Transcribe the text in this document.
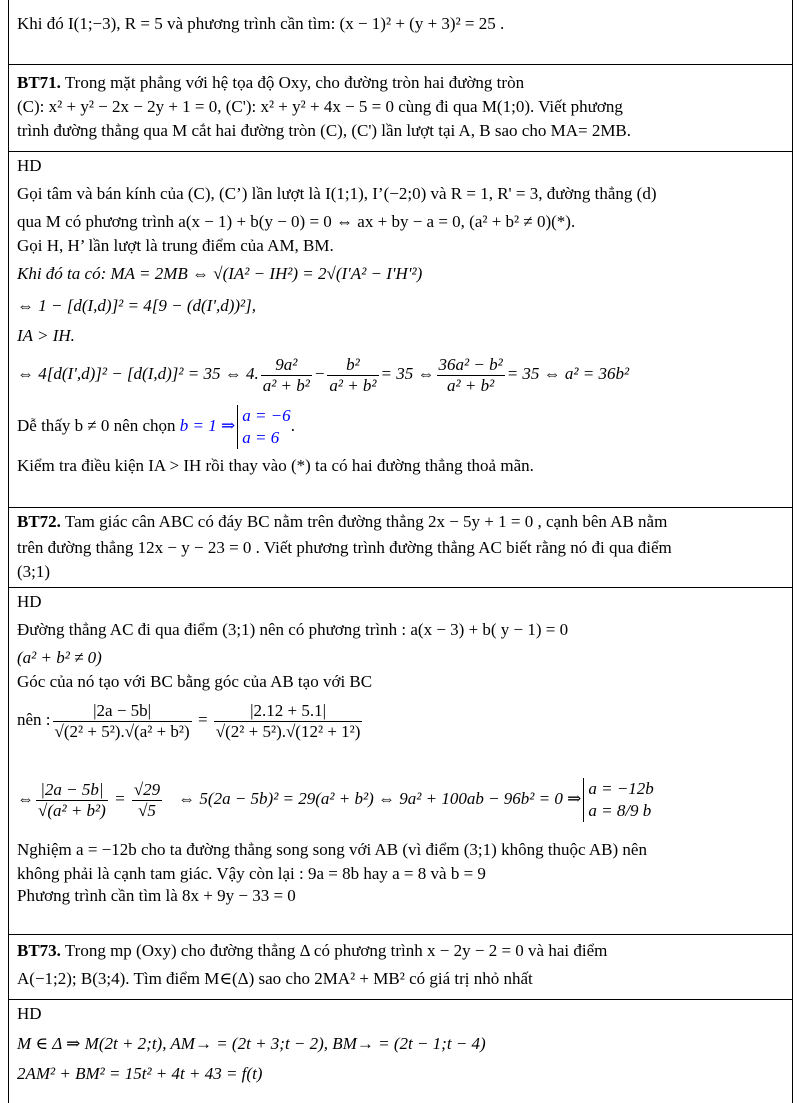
Khi đó I(1;−3), R = 5 và phương trình cần tìm: (x − 1)² + (y + 3)² = 25 .
BT71. Trong mặt phẳng với hệ tọa độ Oxy, cho đường tròn hai đường tròn
(C): x² + y² − 2x − 2y + 1 = 0, (C'): x² + y² + 4x − 5 = 0 cùng đi qua M(1;0). Viết phương
trình đường thẳng qua M cắt hai đường tròn (C), (C') lần lượt tại A, B sao cho MA= 2MB.
HD
Gọi tâm và bán kính của (C), (C’) lần lượt là I(1;1), I’(−2;0) và R = 1, R' = 3, đường thẳng (d)
qua M có phương trình a(x − 1) + b(y − 0) = 0 ⇔ ax + by − a = 0, (a² + b² ≠ 0)(*).
Gọi H, H’ lần lượt là trung điểm của AM, BM.
Khi đó ta có: MA = 2MB ⇔ √(IA² − IH²) = 2√(I'A² − I'H'²)
⇔ 1 − [d(I,d)]² = 4[9 − (d(I',d))²],
IA > IH.
⇔ 4[d(I',d)]² − [d(I,d)]² = 35 ⇔ 4. $\frac{\text{9a²}}{\text{a² + b²}} - \frac{\text{b²}}{\text{a² + b²}} = 35$ ⇔ $\frac{\text{36a² − b²}}{\text{a² + b²}} = 35$ ⇔ a² = 36b²
Dễ thấy b ≠ 0 nên chọn b = 1 ⇒
a = −6
a = 6
.
Kiểm tra điều kiện IA > IH rồi thay vào (*) ta có hai đường thẳng thoả mãn.
BT72. Tam giác cân ABC có đáy BC nằm trên đường thẳng 2x − 5y + 1 = 0 , cạnh bên AB nằm
trên đường thẳng 12x − y − 23 = 0 . Viết phương trình đường thẳng AC biết rằng nó đi qua điểm
(3;1)
HD
Đường thẳng AC đi qua điểm (3;1) nên có phương trình : a(x − 3) + b( y − 1) = 0
(a² + b² ≠ 0)
Góc của nó tạo với BC bằng góc của AB tạo với BC
nên : $\frac{|2a - 5b|}{\text{√(2² + 5²).√(a² + b²)}} = \frac{|2.12 + 5.1|}{\text{√(2² + 5²).√(12² + 1²)}}$
⇔ $\frac{|2a - 5b|}{\text{√(a² + b²)}} = \frac{√29}{√5}$ ⇔ 5(2a − 5b)² = 29(a² + b²) ⇔ 9a² + 100ab − 96b² = 0 ⇒
a = −12b
a = 8/9 b
Nghiệm a = −12b cho ta đường thẳng song song với AB (vì điểm (3;1) không thuộc AB) nên
không phải là cạnh tam giác. Vậy còn lại : 9a = 8b hay a = 8 và b = 9
Phương trình cần tìm là 8x + 9y − 33 = 0
BT73. Trong mp (Oxy) cho đường thẳng Δ có phương trình x − 2y − 2 = 0 và hai điểm
A(−1;2); B(3;4). Tìm điểm M∈(Δ) sao cho 2MA² + MB² có giá trị nhỏ nhất
HD
M ∈ Δ ⇒ M(2t + 2;t), AM→ = (2t + 3;t − 2), BM→ = (2t − 1;t − 4)
2AM² + BM² = 15t² + 4t + 43 = f(t)
